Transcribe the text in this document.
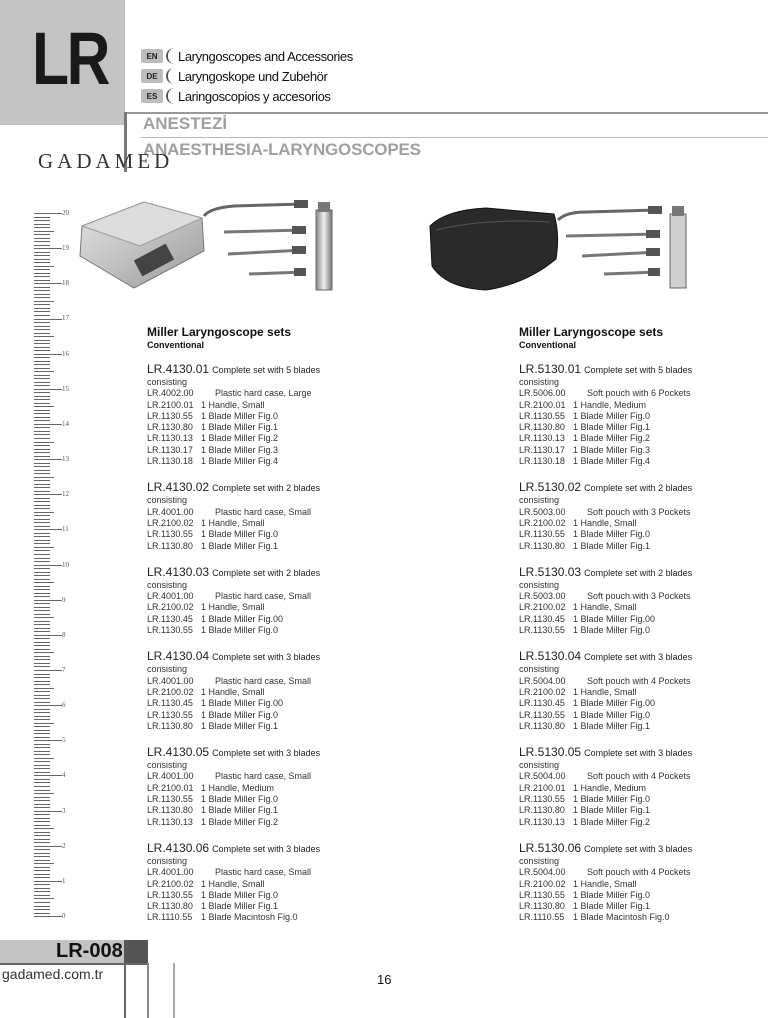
LR	EN	Laryngoscopes and Accessories
DE	Laryngoskope und Zubehör
ES	Laringoscopios y accesorios
ANESTEZİ
ANAESTHESIA-LARYNGOSCOPES
GADAMED
20
19
18
17
16
15
14
13
12
11
10
9
8
7
6
5
4
3
2
1
0
Miller Laryngoscope sets
Conventional
LR.4130.01 Complete set with 5 blades
consisting
LR.4002.00 Plastic hard case, Large
LR.2100.01 1 Handle, Small
LR.1130.55 1 Blade Miller Fig.0
LR.1130.80 1 Blade Miller Fig.1
LR.1130.13 1 Blade Miller Fig.2
LR.1130.17 1 Blade Miller Fig.3
LR.1130.18 1 Blade Miller Fig.4
LR.4130.02 Complete set with 2 blades
consisting
LR.4001.00 Plastic hard case, Small
LR.2100.02 1 Handle, Small
LR.1130.55 1 Blade Miller Fig.0
LR.1130.80 1 Blade Miller Fig.1
LR.4130.03 Complete set with 2 blades
consisting
LR.4001.00 Plastic hard case, Small
LR.2100.02 1 Handle, Small
LR.1130.45 1 Blade Miller Fig.00
LR.1130.55 1 Blade Miller Fig.0
LR.4130.04 Complete set with 3 blades
consisting
LR.4001.00 Plastic hard case, Small
LR.2100.02 1 Handle, Small
LR.1130.45 1 Blade Miller Fig.00
LR.1130.55 1 Blade Miller Fig.0
LR.1130.80 1 Blade Miller Fig.1
LR.4130.05 Complete set with 3 blades
consisting
LR.4001.00 Plastic hard case, Small
LR.2100.01 1 Handle, Medium
LR.1130.55 1 Blade Miller Fig.0
LR.1130.80 1 Blade Miller Fig.1
LR.1130.13 1 Blade Miller Fig.2
LR.4130.06 Complete set with 3 blades
consisting
LR.4001.00 Plastic hard case, Small
LR.2100.02 1 Handle, Small
LR.1130.55 1 Blade Miller Fig.0
LR.1130.80 1 Blade Miller Fig.1
LR.1110.55 1 Blade Macintosh Fig.0
Miller Laryngoscope sets
Conventional
LR.5130.01 Complete set with 5 blades
consisting
LR.5006.00 Soft pouch with 6 Pockets
LR.2100.01 1 Handle, Medium
LR.1130.55 1 Blade Miller Fig.0
LR.1130.80 1 Blade Miller Fig.1
LR.1130.13 1 Blade Miller Fig.2
LR.1130.17 1 Blade Miller Fig.3
LR.1130.18 1 Blade Miller Fig.4
LR.5130.02 Complete set with 2 blades
consisting
LR.5003.00 Soft pouch with 3 Pockets
LR.2100.02 1 Handle, Small
LR.1130.55 1 Blade Miller Fig.0
LR.1130.80 1 Blade Miller Fig.1
LR.5130.03 Complete set with 2 blades
consisting
LR.5003.00 Soft pouch with 3 Pockets
LR.2100.02 1 Handle, Small
LR.1130.45 1 Blade Miller Fig.00
LR.1130.55 1 Blade Miller Fig.0
LR.5130.04 Complete set with 3 blades
consisting
LR.5004.00 Soft pouch with 4 Pockets
LR.2100.02 1 Handle, Small
LR.1130.45 1 Blade Miller Fig.00
LR.1130.55 1 Blade Miller Fig.0
LR.1130.80 1 Blade Miller Fig.1
LR.5130.05 Complete set with 3 blades
consisting
LR.5004.00 Soft pouch with 4 Pockets
LR.2100.01 1 Handle, Medium
LR.1130.55 1 Blade Miller Fig.0
LR.1130.80 1 Blade Miller Fig.1
LR.1130.13 1 Blade Miller Fig.2
LR.5130.06 Complete set with 3 blades
consisting
LR.5004.00 Soft pouch with 4 Pockets
LR.2100.02 1 Handle, Small
LR.1130.55 1 Blade Miller Fig.0
LR.1130.80 1 Blade Miller Fig.1
LR.1110.55 1 Blade Macintosh Fig.0
LR-008
gadamed.com.tr	16
